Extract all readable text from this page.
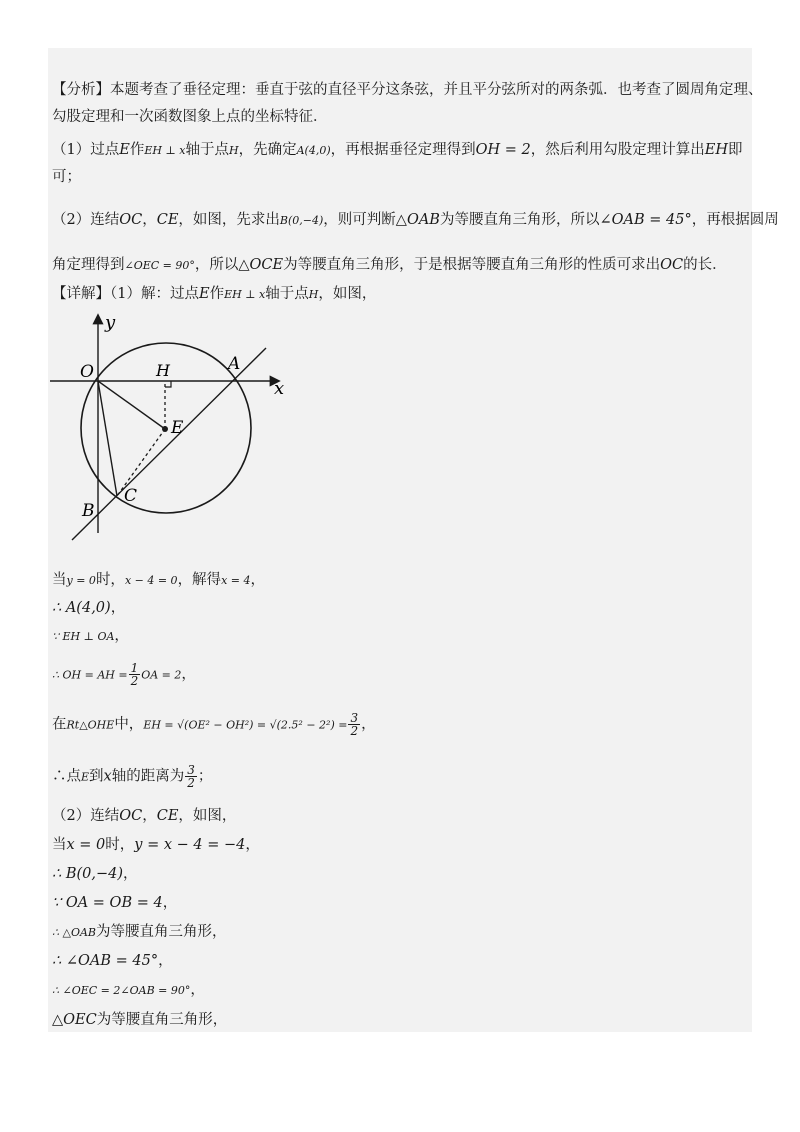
【分析】本题考查了垂径定理：垂直于弦的直径平分这条弦，并且平分弦所对的两条弧．也考查了圆周角定理、
勾股定理和一次函数图象上点的坐标特征．
（1）过点E作EH ⊥ x轴于点H，先确定A(4,0)，再根据垂径定理得到OH = 2，然后利用勾股定理计算出EH即
可；
（2）连结OC，CE，如图，先求出B(0,−4)，则可判断△OAB为等腰直角三角形，所以∠OAB = 45°，再根据圆周
角定理得到∠OEC = 90°，所以△OCE为等腰直角三角形，于是根据等腰直角三角形的性质可求出OC的长．
【详解】（1）解：过点E作EH ⊥ x轴于点H，如图，
y
x
O	H	A
E
B
C
当y = 0时，x − 4 = 0，解得x = 4，
∴ A(4,0)，
∵ EH ⊥ OA，
∴ OH = AH = $\frac{1}{2}$ OA = 2，
在Rt△OHE中，EH = $√(OE^2 - OH^2) = √(2.5^2 - 2^2) = \frac{3}{2}$ ，
∴点E到x轴的距离为 $\frac{3}{2}$ ；
（2）连结OC，CE，如图，
当x = 0时，y = x − 4 = −4，
∴ B(0,−4)，
∵ OA = OB = 4，
∴ △OAB为等腰直角三角形，
∴ ∠OAB = 45°，
∴ ∠OEC = 2∠OAB = 90°，
△OEC为等腰直角三角形，
